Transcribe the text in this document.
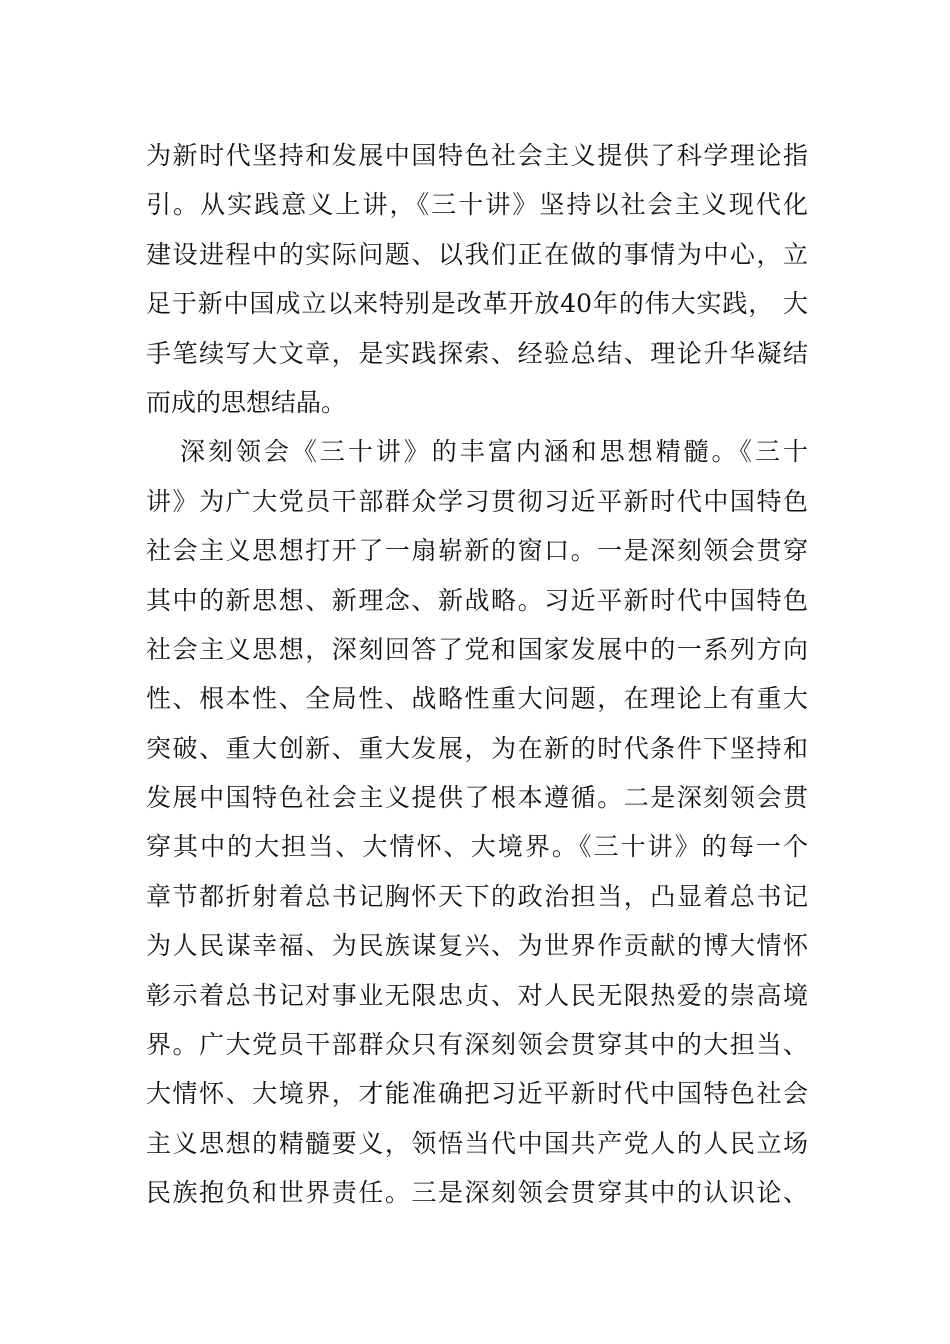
为新时代坚持和发展中国特色社会主义提供了科学理论指
引。从实践意义上讲，《三十讲》坚持以社会主义现代化
建设进程中的实际问题、以我们正在做的事情为中心，立
足于新中国成立以来特别是改革开放40年的伟大实践， 大
手笔续写大文章，是实践探索、经验总结、理论升华凝结
而成的思想结晶。
深刻领会《三十讲》的丰富内涵和思想精髓。《三十
讲》为广大党员干部群众学习贯彻习近平新时代中国特色
社会主义思想打开了一扇崭新的窗口。一是深刻领会贯穿
其中的新思想、新理念、新战略。习近平新时代中国特色
社会主义思想，深刻回答了党和国家发展中的一系列方向
性、根本性、全局性、战略性重大问题，在理论上有重大
突破、重大创新、重大发展，为在新的时代条件下坚持和
发展中国特色社会主义提供了根本遵循。二是深刻领会贯
穿其中的大担当、大情怀、大境界。《三十讲》的每一个
章节都折射着总书记胸怀天下的政治担当，凸显着总书记
为人民谋幸福、为民族谋复兴、为世界作贡献的博大情怀
彰示着总书记对事业无限忠贞、对人民无限热爱的崇高境
界。广大党员干部群众只有深刻领会贯穿其中的大担当、
大情怀、大境界，才能准确把习近平新时代中国特色社会
主义思想的精髓要义，领悟当代中国共产党人的人民立场
民族抱负和世界责任。三是深刻领会贯穿其中的认识论、
